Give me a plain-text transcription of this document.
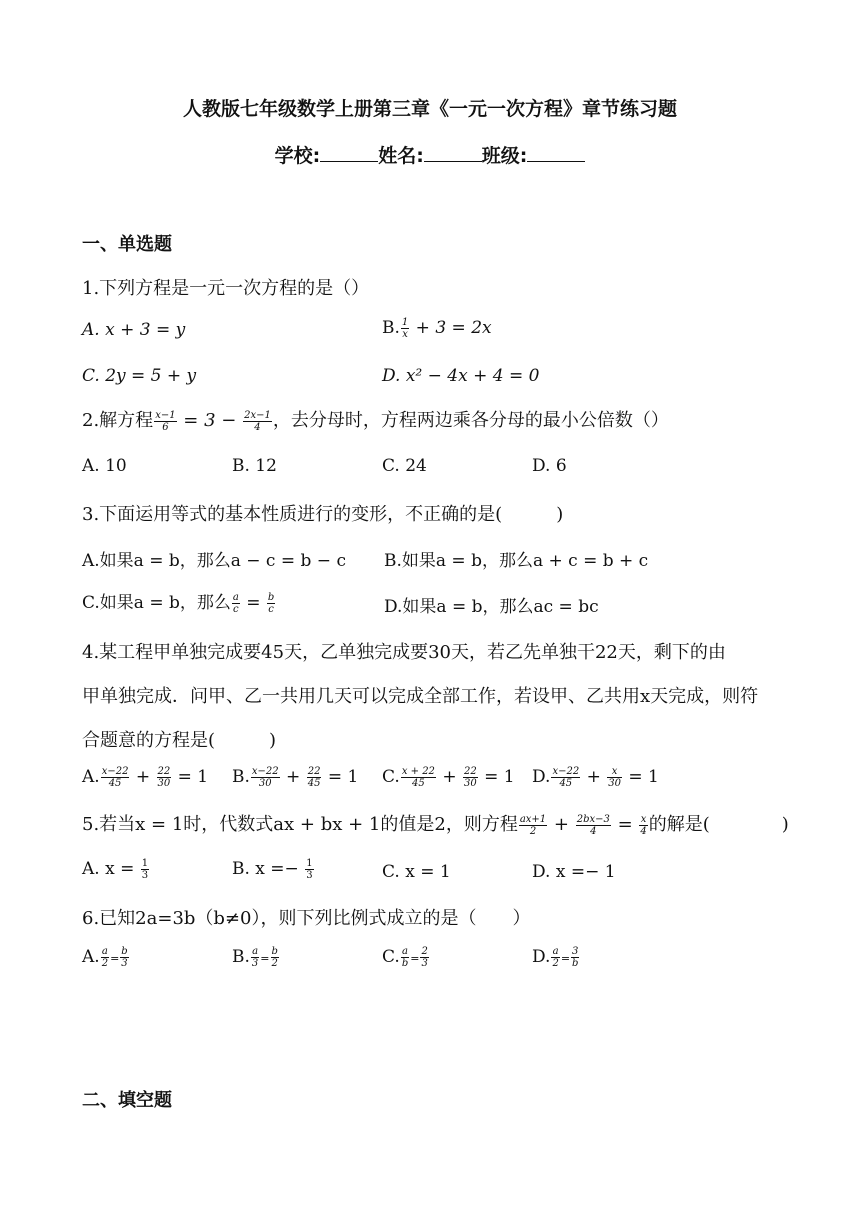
人教版七年级数学上册第三章《一元一次方程》章节练习题
学校:	姓名:	班级:
一、单选题
1.下列方程是一元一次方程的是（）
A. x + 3 = y	B. $\frac{1}{x} + 3 = 2x$
C. 2y = 5 + y	D. x² − 4x + 4 = 0
2.解方程 $\frac{x-1}{6} = 3 - \frac{2x-1}{4}$ ，去分母时，方程两边乘各分母的最小公倍数（）
A. 10	B. 12	C. 24	D. 6
3.下面运用等式的基本性质进行的变形，不正确的是(　　　)
A.如果a = b，那么a − c = b − c B.如果a = b，那么a + c = b + c
C.如果a = b，那么 $\frac{a}{c} = \frac{b}{c}$	D.如果a = b，那么ac = bc
4.某工程甲单独完成要45天，乙单独完成要30天，若乙先单独干22天，剩下的由
甲单独完成．问甲、乙一共用几天可以完成全部工作，若设甲、乙共用x天完成，则符
合题意的方程是(　　　)
A. $\frac{x-22}{45} + \frac{22}{30} = 1$ B. $\frac{x-22}{30} + \frac{22}{45} = 1$ C. $\frac{x + 22}{45} + \frac{22}{30} = 1$ D. $\frac{x-22}{45} + \frac{x}{30} = 1$
5.若当x = 1时，代数式ax + bx + 1的值是2，则方程 $\frac{ax+1}{2} + \frac{2bx-3}{4} = \frac{x}{4}$ 的解是(　　　　)
A. $x = \frac{1}{3}$	B. $x =- \frac{1}{3}$	C. x = 1	D. x =− 1
6.已知2a=3b（b≠0），则下列比例式成立的是（　　）
A. $\frac{a}{2} = \frac{b}{3}$	B. $\frac{a}{3} = \frac{b}{2}$	C. $\frac{a}{b} = \frac{2}{3}$	D. $\frac{a}{2} = \frac{3}{b}$
二、填空题
